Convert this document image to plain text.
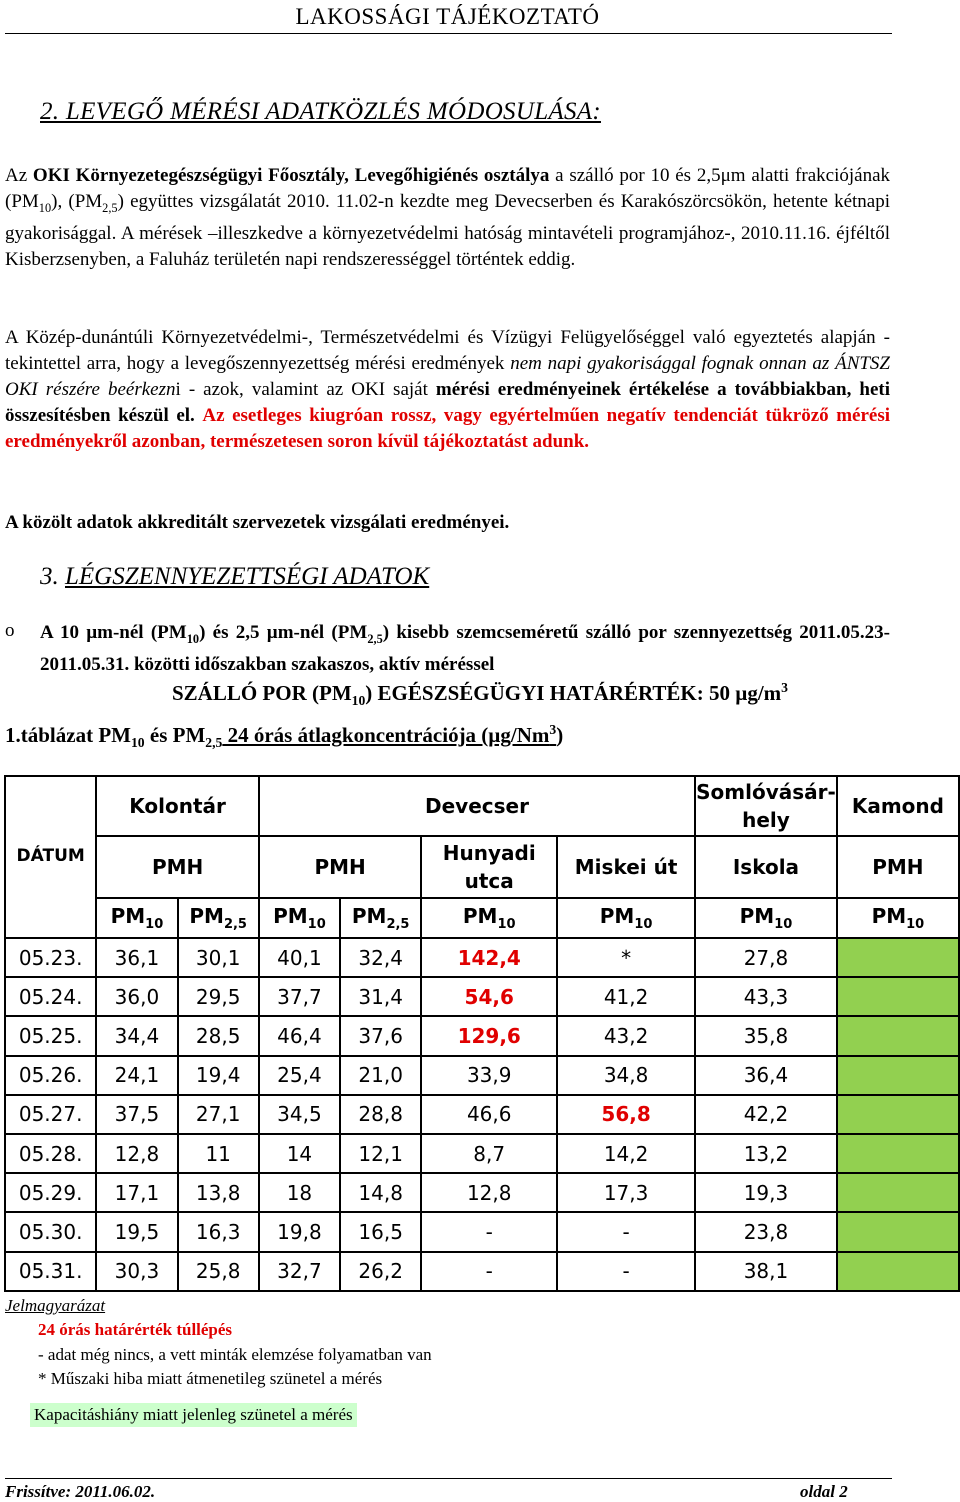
LAKOSSÁGI TÁJÉKOZTATÓ
2. LEVEGŐ MÉRÉSI ADATKÖZLÉS MÓDOSULÁSA:
Az OKI Környezetegészségügyi Főosztály, Levegőhigiénés osztálya a szálló por 10 és 2,5μm alatti frakciójának $(PM_{10})$, $(PM_{2,5})$ együttes vizsgálatát 2010. 11.02-n kezdte meg Devecserben és Karakószörcsökön, hetente kétnapi gyakorisággal. A mérések –illeszkedve a környezetvédelmi hatóság mintavételi programjához-, 2010.11.16. éjféltől Kisberzsenyben, a Faluház területén napi rendszerességgel történtek eddig.
A Közép-dunántúli Környezetvédelmi-, Természetvédelmi és Vízügyi Felügyelőséggel való egyeztetés alapján - tekintettel arra, hogy a levegőszennyezettség mérési eredmények nem napi gyakorisággal fognak onnan az ÁNTSZ OKI részére beérkezni - azok, valamint az OKI saját mérési eredményeinek értékelése a továbbiakban, heti összesítésben készül el. Az esetleges kiugróan rossz, vagy egyértelműen negatív tendenciát tükröző mérési eredményekről azonban, természetesen soron kívül tájékoztatást adunk.
A közölt adatok akkreditált szervezetek vizsgálati eredményei.
3. LÉGSZENNYEZETTSÉGI ADATOK
o A 10 µm-nél $(PM_{10})$ és 2,5 µm-nél $(PM_{2,5})$ kisebb szemcseméretű szálló por szennyezettség 2011.05.23-2011.05.31. közötti időszakban szakaszos, aktív méréssel
SZÁLLÓ POR $(PM_{10})$ EGÉSZSÉGÜGYI HATÁRÉRTÉK: 50 $\mu g/m^3$
1.táblázat $PM_{10}$ és $PM_{2,5}$ 24 órás átlagkoncentrációja (µg/Nm$^3$)
	Kolontár		Devecser				Somlóvásár-
hely	Kamond
DÁTUM	PMH		PMH		Hunyadi
utca	Miskei út	Iskola	PMH
	$PM_{10}$	$PM_{2,5}$	$PM_{10}$	$PM_{2,5}$	$PM_{10}$	$PM_{10}$	$PM_{10}$	$PM_{10}$
05.23.	36,1	30,1	40,1	32,4	142,4	*	27,8	
05.24.	36,0	29,5	37,7	31,4	54,6	41,2	43,3	
05.25.	34,4	28,5	46,4	37,6	129,6	43,2	35,8	
05.26.	24,1	19,4	25,4	21,0	33,9	34,8	36,4	
05.27.	37,5	27,1	34,5	28,8	46,6	56,8	42,2	
05.28.	12,8	11	14	12,1	8,7	14,2	13,2	
05.29.	17,1	13,8	18	14,8	12,8	17,3	19,3	
05.30.	19,5	16,3	19,8	16,5	-	-	23,8	
05.31.	30,3	25,8	32,7	26,2	-	-	38,1	
Jelmagyarázat
24 órás határérték túllépés
- adat még nincs, a vett minták elemzése folyamatban van
* Műszaki hiba miatt átmenetileg szünetel a mérés
Kapacitáshiány miatt jelenleg szünetel a mérés
Frissítve: 2011.06.02.	oldal 2
